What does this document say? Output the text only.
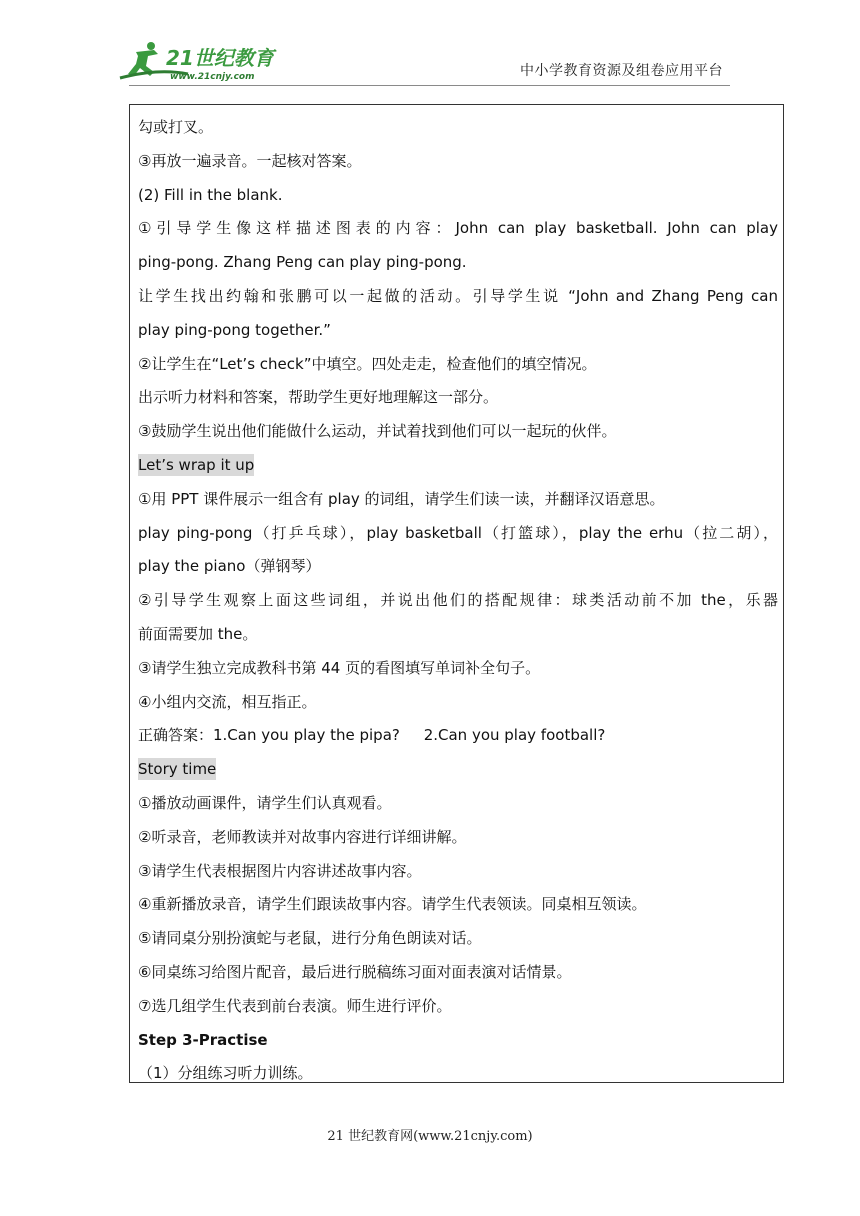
21世纪教育
www.21cnjy.com	中小学教育资源及组卷应用平台
勾或打叉。
③再放一遍录音。一起核对答案。
(2) Fill in the blank.
①引导学生像这样描述图表的内容：John can play basketball. John can play
ping-pong. Zhang Peng can play ping-pong.
让学生找出约翰和张鹏可以一起做的活动。引导学生说 “John and Zhang Peng can
play ping-pong together.”
②让学生在“Let’s check”中填空。四处走走，检查他们的填空情况。
出示听力材料和答案，帮助学生更好地理解这一部分。
③鼓励学生说出他们能做什么运动，并试着找到他们可以一起玩的伙伴。
Let’s wrap it up
①用 PPT 课件展示一组含有 play 的词组，请学生们读一读，并翻译汉语意思。
play ping-pong（打乒乓球），play basketball（打篮球），play the erhu（拉二胡），
play the piano（弹钢琴）
②引导学生观察上面这些词组，并说出他们的搭配规律：球类活动前不加 the，乐器
前面需要加 the。
③请学生独立完成教科书第 44 页的看图填写单词补全句子。
④小组内交流，相互指正。
正确答案：1.Can you play the pipa?     2.Can you play football?
Story time
①播放动画课件，请学生们认真观看。
②听录音，老师教读并对故事内容进行详细讲解。
③请学生代表根据图片内容讲述故事内容。
④重新播放录音，请学生们跟读故事内容。请学生代表领读。同桌相互领读。
⑤请同桌分别扮演蛇与老鼠，进行分角色朗读对话。
⑥同桌练习给图片配音，最后进行脱稿练习面对面表演对话情景。
⑦选几组学生代表到前台表演。师生进行评价。
Step 3-Practise
（1）分组练习听力训练。
21 世纪教育网(www.21cnjy.com)
